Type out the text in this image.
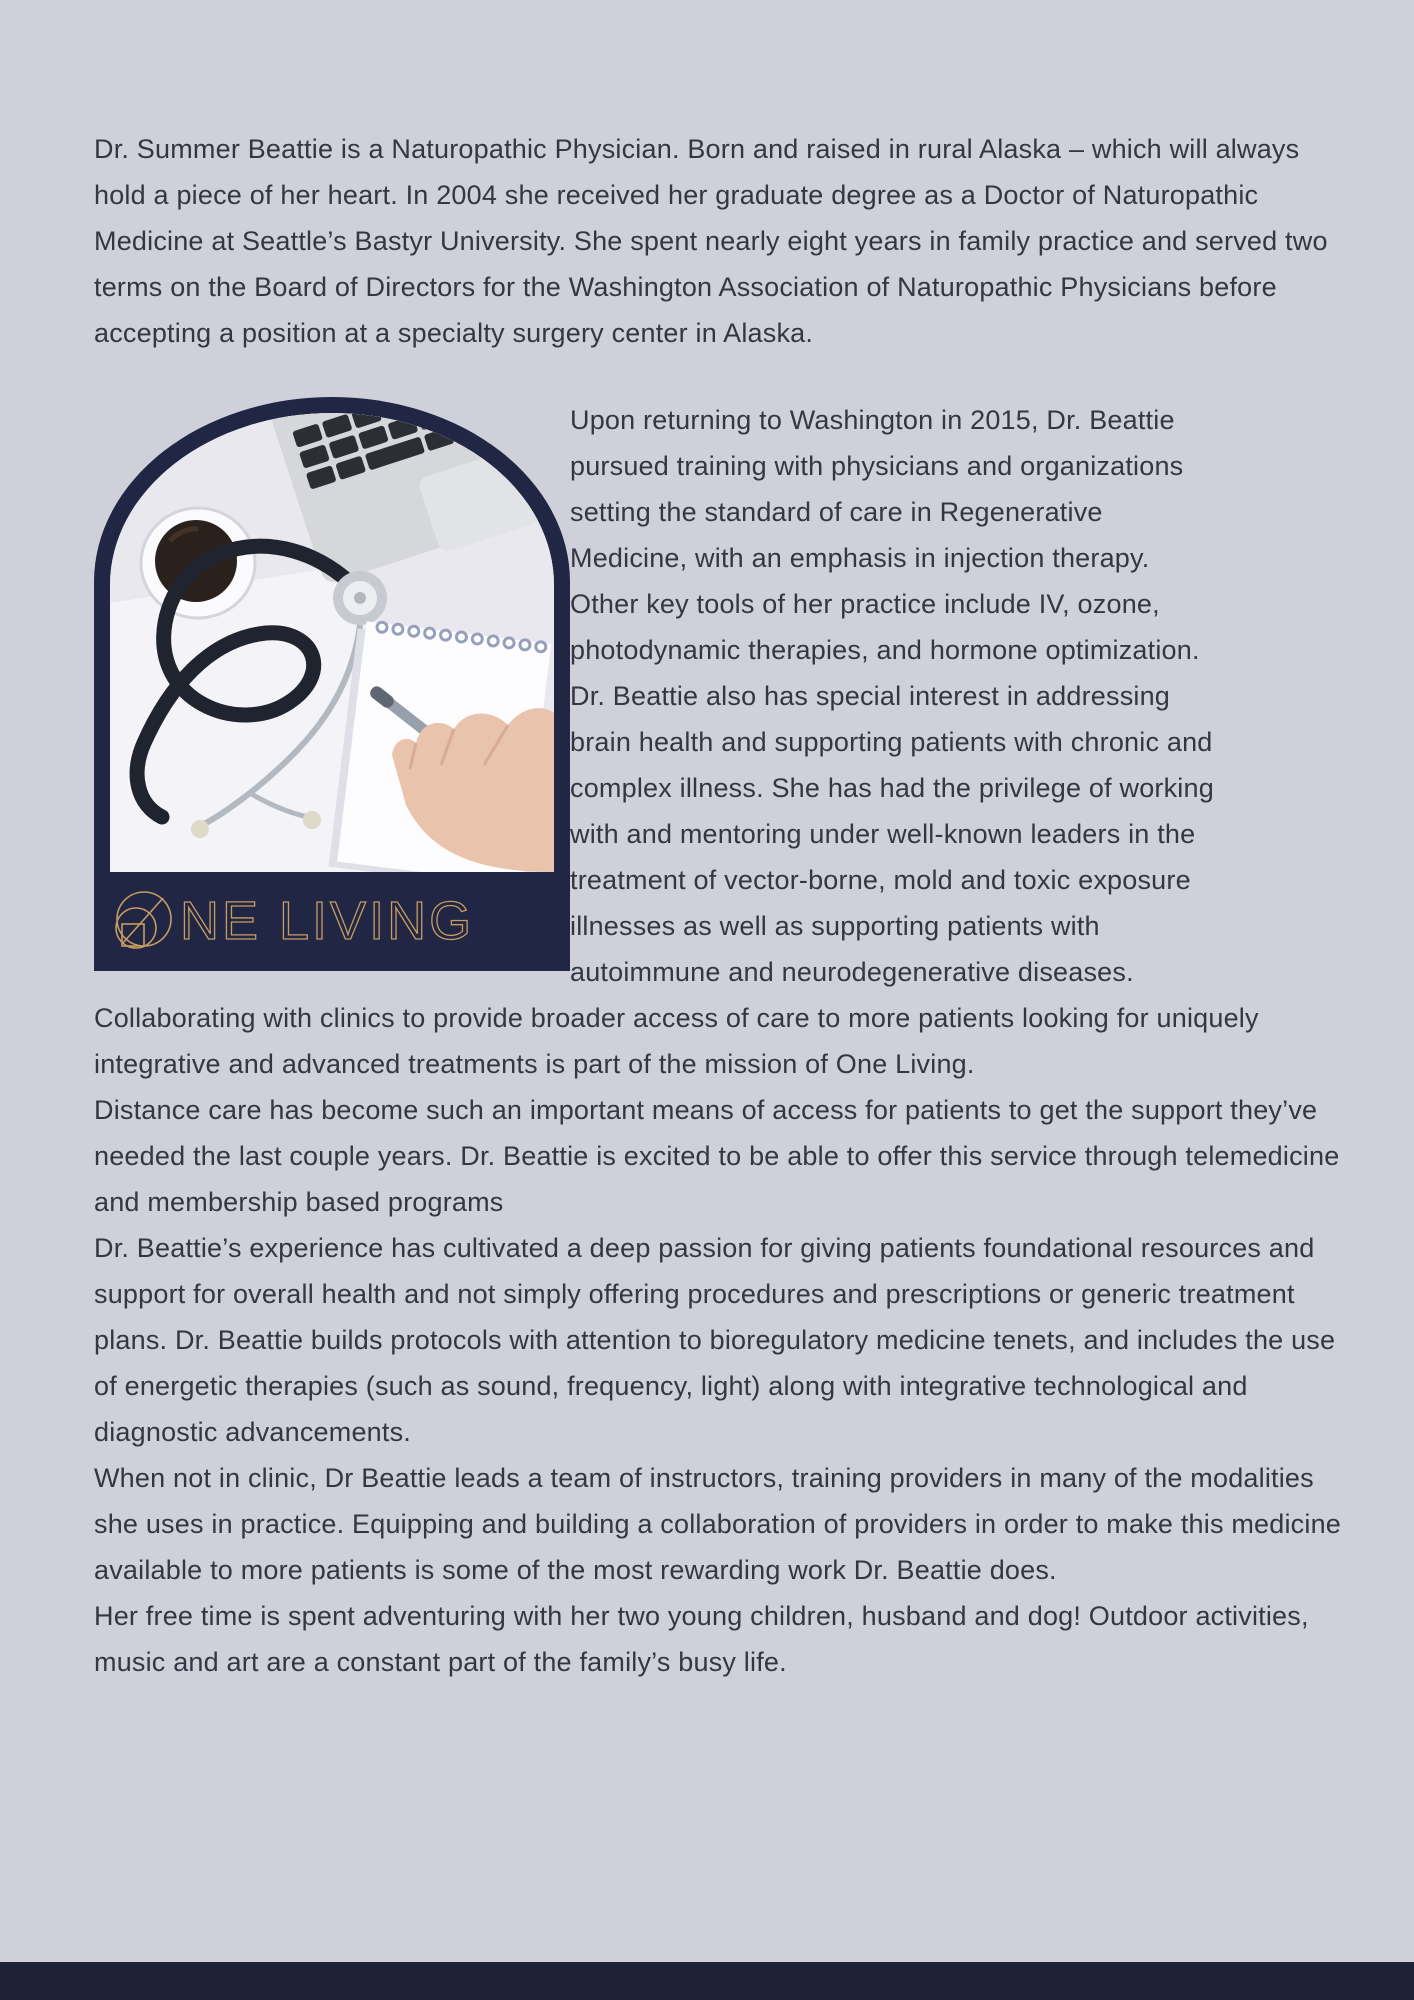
Dr. Summer Beattie is a Naturopathic Physician. Born and raised in rural Alaska – which will always hold a piece of her heart. In 2004 she received her graduate degree as a Doctor of Naturopathic Medicine at Seattle’s Bastyr University. She spent nearly eight years in family practice and served two terms on the Board of Directors for the Washington Association of Naturopathic Physicians before accepting a position at a specialty surgery center in Alaska.

NE LIVING

Upon returning to Washington in 2015, Dr. Beattie pursued training with physicians and organizations setting the standard of care in Regenerative Medicine, with an emphasis in injection therapy. Other key tools of her practice include IV, ozone, photodynamic therapies, and hormone optimization. Dr. Beattie also has special interest in addressing brain health and supporting patients with chronic and complex illness. She has had the privilege of working with and mentoring under well-known leaders in the treatment of vector-borne, mold and toxic exposure illnesses as well as supporting patients with autoimmune and neurodegenerative diseases.

Collaborating with clinics to provide broader access of care to more patients looking for uniquely integrative and advanced treatments is part of the mission of One Living.

Distance care has become such an important means of access for patients to get the support they’ve needed the last couple years. Dr. Beattie is excited to be able to offer this service through telemedicine and membership based programs

Dr. Beattie’s experience has cultivated a deep passion for giving patients foundational resources and support for overall health and not simply offering procedures and prescriptions or generic treatment plans. Dr. Beattie builds protocols with attention to bioregulatory medicine tenets, and includes the use of energetic therapies (such as sound, frequency, light) along with integrative technological and diagnostic advancements.

When not in clinic, Dr Beattie leads a team of instructors, training providers in many of the modalities she uses in practice. Equipping and building a collaboration of providers in order to make this medicine available to more patients is some of the most rewarding work Dr. Beattie does.

Her free time is spent adventuring with her two young children, husband and dog! Outdoor activities, music and art are a constant part of the family’s busy life.
